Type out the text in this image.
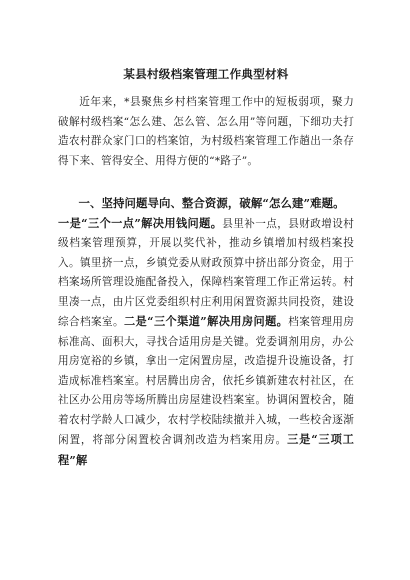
某县村级档案管理工作典型材料

近年来，*县聚焦乡村档案管理工作中的短板弱项，聚力破解村级档案“怎么建、怎么管、怎么用”等问题，下细功夫打造农村群众家门口的档案馆，为村级档案管理工作趟出一条存得下来、管得安全、用得方便的“*路子”。

一、坚持问题导向、整合资源，破解“怎么建”难题。

一是“三个一点”解决用钱问题。县里补一点，县财政增设村级档案管理预算，开展以奖代补，推动乡镇增加村级档案投入。镇里挤一点，乡镇党委从财政预算中挤出部分资金，用于档案场所管理设施配备投入，保障档案管理工作正常运转。村里凑一点，由片区党委组织村庄利用闲置资源共同投资，建设综合档案室。二是“三个渠道”解决用房问题。档案管理用房标准高、面积大，寻找合适用房是关键。党委调剂用房，办公用房宽裕的乡镇，拿出一定闲置房屋，改造提升设施设备，打造成标准档案室。村居腾出房舍，依托乡镇新建农村社区，在社区办公用房等场所腾出房屋建设档案室。协调闲置校舍，随着农村学龄人口减少，农村学校陆续撤并入城，一些校舍逐渐闲置，将部分闲置校舍调剂改造为档案用房。三是“三项工程”解
